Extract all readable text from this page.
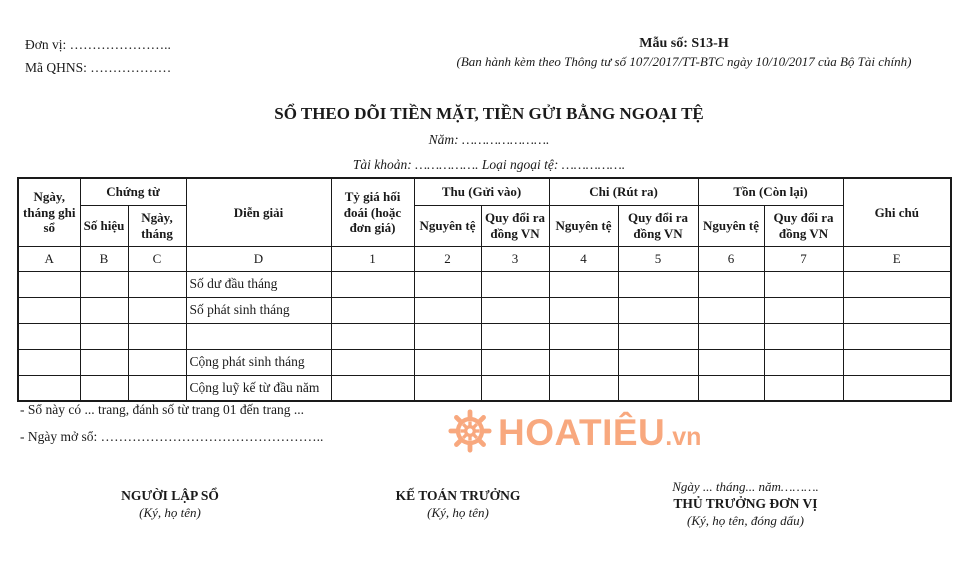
Đơn vị: …………………..
Mã QHNS: ………………
Mẫu số: S13-H
(Ban hành kèm theo Thông tư số 107/2017/TT-BTC ngày 10/10/2017 của Bộ Tài chính)
SỔ THEO DÕI TIỀN MẶT, TIỀN GỬI BẰNG NGOẠI TỆ
Năm: ………………….
Tài khoản: ……………. Loại ngoại tệ: …………….
Ngày, tháng ghi sổ	Chứng từ		Diễn giải	Tỷ giá hối đoái (hoặc đơn giá)	Thu (Gửi vào)		Chi (Rút ra)		Tồn (Còn lại)		Ghi chú
	Số hiệu	Ngày, tháng			Nguyên tệ	Quy đổi ra đồng VN	Nguyên tệ	Quy đổi ra đồng VN	Nguyên tệ	Quy đổi ra đồng VN	
A	B	C	D	1	2	3	4	5	6	7	E
			Số dư đầu tháng								
			Số phát sinh tháng								

			Cộng phát sinh tháng								
			Cộng luỹ kế từ đầu năm								
- Sổ này có ... trang, đánh số từ trang 01 đến trang ...
- Ngày mở sổ: …………………………………………..	HOATIÊU .vn
NGƯỜI LẬP SỔ
(Ký, họ tên)
KẾ TOÁN TRƯỞNG
(Ký, họ tên)
Ngày ... tháng... năm……….
THỦ TRƯỞNG ĐƠN VỊ
(Ký, họ tên, đóng dấu)
